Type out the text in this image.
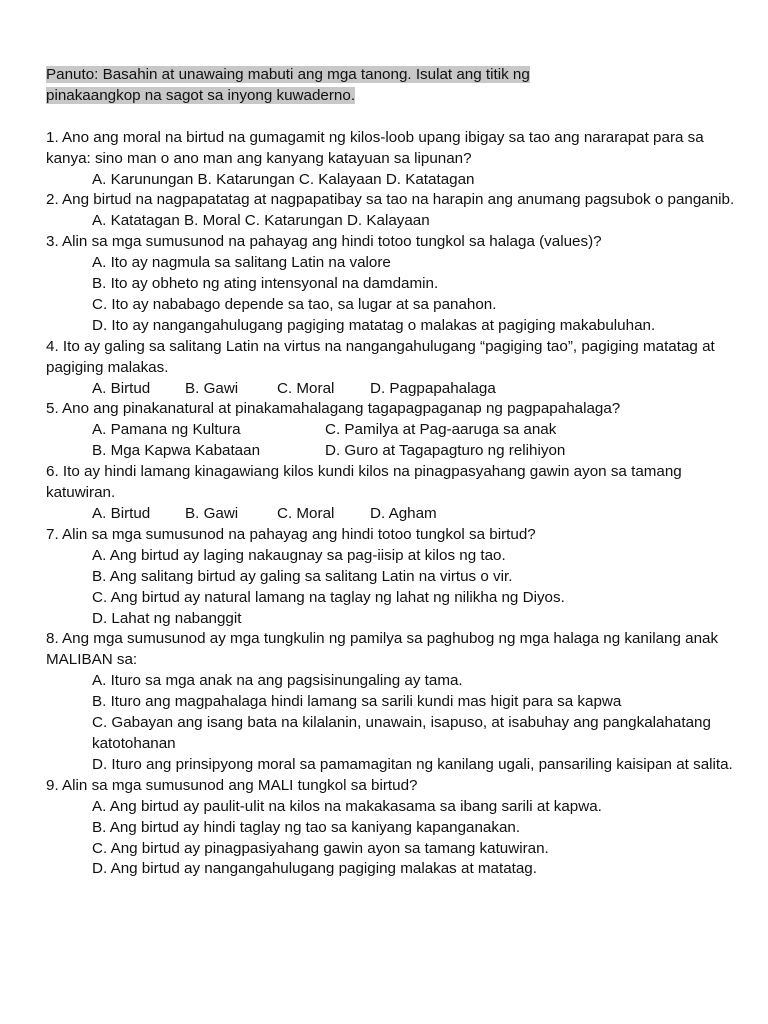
Panuto: Basahin at unawaing mabuti ang mga tanong. Isulat ang titik ng
pinakaangkop na sagot sa inyong kuwaderno.

1. Ano ang moral na birtud na gumagamit ng kilos-loob upang ibigay sa tao ang nararapat para sa kanya: sino man o ano man ang kanyang katayuan sa lipunan?

A. Karunungan B. Katarungan C. Kalayaan D. Katatagan

2. Ang birtud na nagpapatatag at nagpapatibay sa tao na harapin ang anumang pagsubok o panganib.

A. Katatagan B. Moral C. Katarungan D. Kalayaan

3. Alin sa mga sumusunod na pahayag ang hindi totoo tungkol sa halaga (values)?

A. Ito ay nagmula sa salitang Latin na valore

B. Ito ay obheto ng ating intensyonal na damdamin.

C. Ito ay nababago depende sa tao, sa lugar at sa panahon.

D. Ito ay nangangahulugang pagiging matatag o malakas at pagiging makabuluhan.

4. Ito ay galing sa salitang Latin na virtus na nangangahulugang “pagiging tao”, pagiging matatag at pagiging malakas.

A. Birtud B. Gawi	C. Moral D. Pagpapahalaga

5. Ano ang pinakanatural at pinakamahalagang tagapagpaganap ng pagpapahalaga?

A. Pamana ng Kultura	C. Pamilya at Pag-aaruga sa anak
B. Mga Kapwa Kabataan	D. Guro at Tagapagturo ng relihiyon

6. Ito ay hindi lamang kinagawiang kilos kundi kilos na pinagpasyahang gawin ayon sa tamang katuwiran.

A. Birtud B. Gawi	C. Moral D. Agham

7. Alin sa mga sumusunod na pahayag ang hindi totoo tungkol sa birtud?

A. Ang birtud ay laging nakaugnay sa pag-iisip at kilos ng tao.

B. Ang salitang birtud ay galing sa salitang Latin na virtus o vir.

C. Ang birtud ay natural lamang na taglay ng lahat ng nilikha ng Diyos.

D. Lahat ng nabanggit

8. Ang mga sumusunod ay mga tungkulin ng pamilya sa paghubog ng mga halaga ng kanilang anak MALIBAN sa:

A. Ituro sa mga anak na ang pagsisinungaling ay tama.

B. Ituro ang magpahalaga hindi lamang sa sarili kundi mas higit para sa kapwa

C. Gabayan ang isang bata na kilalanin, unawain, isapuso, at isabuhay ang pangkalahatang katotohanan

D. Ituro ang prinsipyong moral sa pamamagitan ng kanilang ugali, pansariling kaisipan at salita.

9. Alin sa mga sumusunod ang MALI tungkol sa birtud?

A. Ang birtud ay paulit-ulit na kilos na makakasama sa ibang sarili at kapwa.

B. Ang birtud ay hindi taglay ng tao sa kaniyang kapanganakan.

C. Ang birtud ay pinagpasiyahang gawin ayon sa tamang katuwiran.

D. Ang birtud ay nangangahulugang pagiging malakas at matatag.
